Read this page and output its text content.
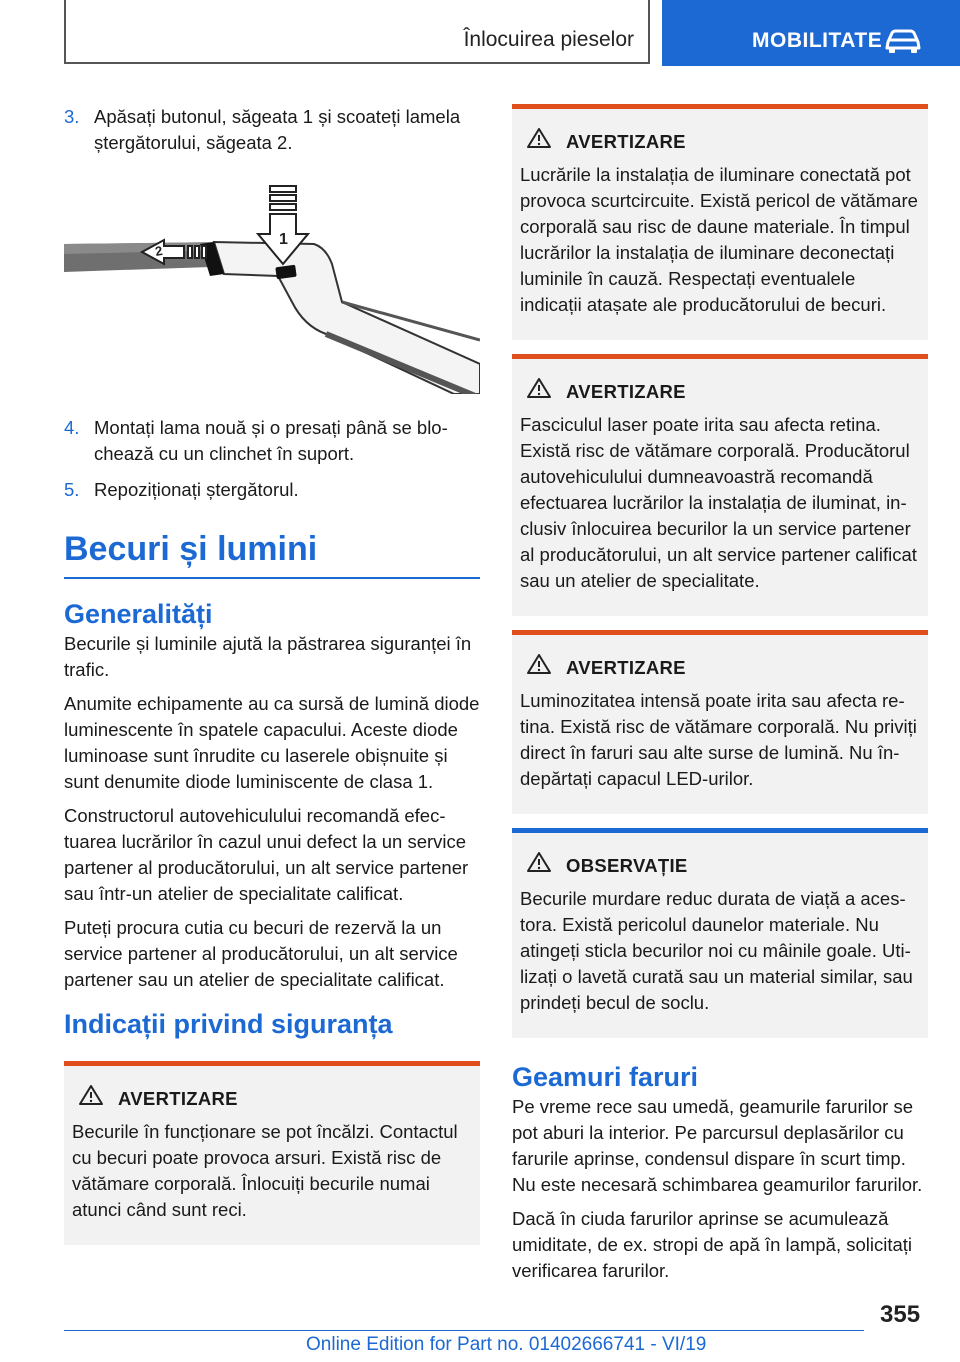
Înlocuirea pieselor	MOBILITATE
3. Apăsați butonul, săgeata 1 și scoateți lamela ștergătorului, săgeata 2.
2
1
4. Montați lama nouă și o presați până se blochează cu un clinchet în suport.
5. Repoziționați ștergătorul.
Becuri și lumini
Generalități

Becurile și luminile ajută la păstrarea siguranței în trafic.

Anumite echipamente au ca sursă de lumină diode luminescente în spatele capacului. Aceste diode luminoase sunt înrudite cu laserele obișnuite și sunt denumite diode luminiscente de clasa 1.

Constructorul autovehiculului recomandă efectuarea lucrărilor în cazul unui defect la un service partener al producătorului, un alt service partener sau într-un atelier de specialitate calificat.

Puteți procura cutia cu becuri de rezervă la un service partener al producătorului, un alt service partener sau un atelier de specialitate calificat.

Indicații privind siguranța
AVERTIZARE
Becurile în funcționare se pot încălzi. Contactul cu becuri poate provoca arsuri. Există risc de vătămare corporală. Înlocuiți becurile numai atunci când sunt reci.
AVERTIZARE
Lucrările la instalația de iluminare conectată pot provoca scurtcircuite. Există pericol de vătămare corporală sau risc de daune materiale. În timpul lucrărilor la instalația de iluminare deconectați luminile în cauză. Respectați eventualele indicații atașate ale producătorului de becuri.
AVERTIZARE
Fasciculul laser poate irita sau afecta retina. Există risc de vătămare corporală. Producătorul autovehiculului dumneavoastră recomandă efectuarea lucrărilor la instalația de iluminat, inclusiv înlocuirea becurilor la un service partener al producătorului, un alt service partener calificat sau un atelier de specialitate.
AVERTIZARE
Luminozitatea intensă poate irita sau afecta retina. Există risc de vătămare corporală. Nu priviți direct în faruri sau alte surse de lumină. Nu îndepărtați capacul LED-urilor.
OBSERVAȚIE
Becurile murdare reduc durata de viață a acestora. Există pericolul daunelor materiale. Nu atingeți sticla becurilor noi cu mâinile goale. Utilizați o lavetă curată sau un material similar, sau prindeți becul de soclu.
Geamuri faruri

Pe vreme rece sau umedă, geamurile farurilor se pot aburi la interior. Pe parcursul deplasărilor cu farurile aprinse, condensul dispare în scurt timp. Nu este necesară schimbarea geamurilor farurilor.

Dacă în ciuda farurilor aprinse se acumulează umiditate, de ex. stropi de apă în lampă, solicitați verificarea farurilor.

355
Online Edition for Part no. 01402666741 - VI/19
